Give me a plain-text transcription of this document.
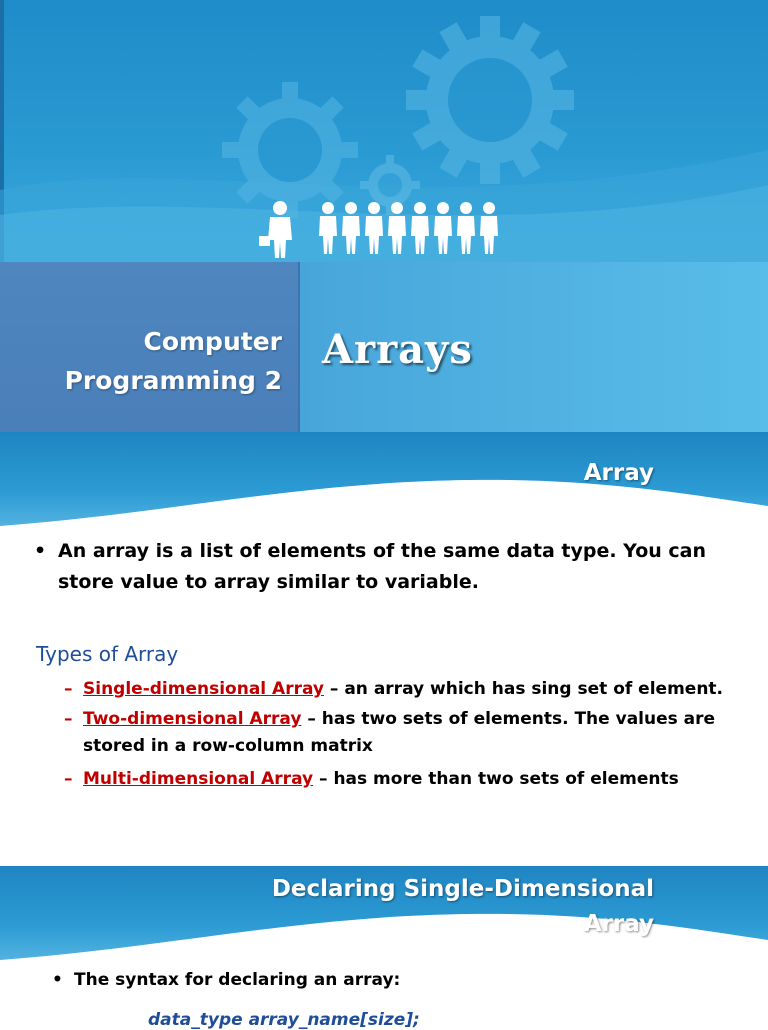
Computer
Programming 2
Arrays
Array
• An array is a list of elements of the same data type. You can
store value to array similar to variable.
Types of Array
– Single-dimensional Array – an array which has sing set of element.
– Two-dimensional Array – has two sets of elements. The values are
stored in a row-column matrix
– Multi-dimensional Array – has more than two sets of elements
Declaring Single-Dimensional
Array
• The syntax for declaring an array:
data_type array_name[size];
